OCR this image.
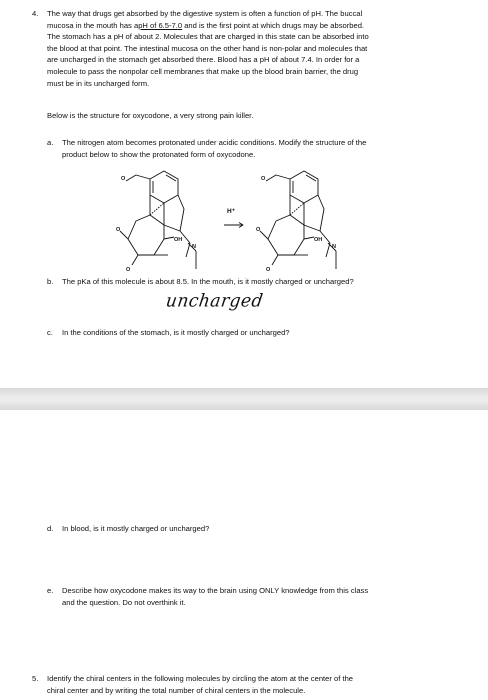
4. The way that drugs get absorbed by the digestive system is often a function of pH. The buccal

mucosa in the mouth has apH of 6.5-7.0 and is the first point at which drugs may be absorbed.

The stomach has a pH of about 2. Molecules that are charged in this state can be absorbed into

the blood at that point. The intestinal mucosa on the other hand is non-polar and molecules that

are uncharged in the stomach get absorbed there. Blood has a pH of about 7.4. In order for a

molecule to pass the nonpolar cell membranes that make up the blood brain barrier, the drug

must be in its uncharged form.

Below is the structure for oxycodone, a very strong pain killer.

a. The nitrogen atom becomes protonated under acidic conditions. Modify the structure of the

product below to show the protonated form of oxycodone.

O
O
O
OH
N
H⁺
O
O
O
OH
N
b. The pKa of this molecule is about 8.5. In the mouth, is it mostly charged or uncharged?

uncharged
c. In the conditions of the stomach, is it mostly charged or uncharged?

d. In blood, is it mostly charged or uncharged?

e. Describe how oxycodone makes its way to the brain using ONLY knowledge from this class

and the question. Do not overthink it.

5. Identify the chiral centers in the following molecules by circling the atom at the center of the

chiral center and by writing the total number of chiral centers in the molecule.
